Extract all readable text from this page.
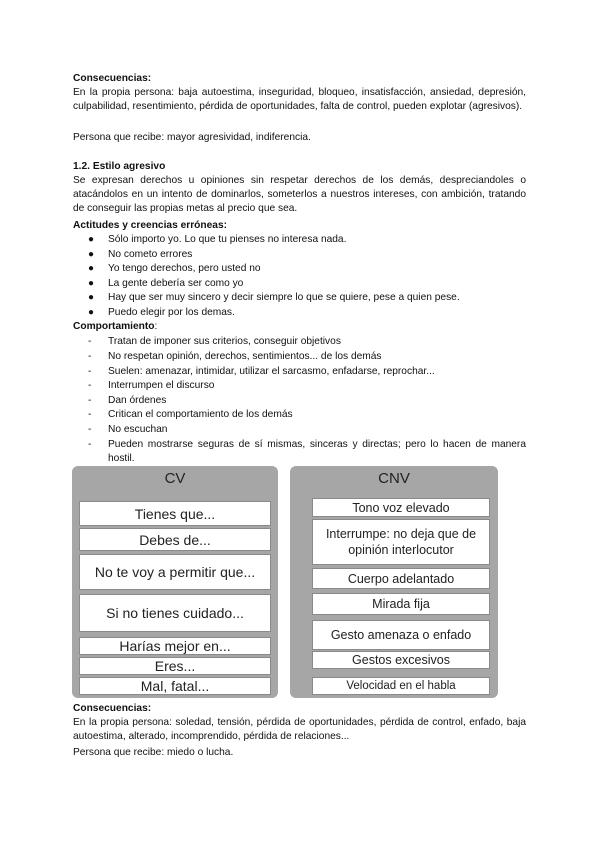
Consecuencias:
En la propia persona: baja autoestima, inseguridad, bloqueo, insatisfacción, ansiedad, depresión, culpabilidad, resentimiento, pérdida de oportunidades, falta de control, pueden explotar (agresivos).
Persona que recibe: mayor agresividad, indiferencia.
1.2. Estilo agresivo
Se expresan derechos u opiniones sin respetar derechos de los demás, despreciandoles o atacándolos en un intento de dominarlos, someterlos a nuestros intereses, con ambición, tratando de conseguir las propias metas al precio que sea.
Actitudes y creencias erróneas:
● Sólo importo yo. Lo que tu pienses no interesa nada.
● No cometo errores
● Yo tengo derechos, pero usted no
● La gente debería ser como yo
● Hay que ser muy sincero y decir siempre lo que se quiere, pese a quien pese.
● Puedo elegir por los demas.
Comportamiento:
- Tratan de imponer sus criterios, conseguir objetivos
- No respetan opinión, derechos, sentimientos... de los demás
- Suelen: amenazar, intimidar, utilizar el sarcasmo, enfadarse, reprochar...
- Interrumpen el discurso
- Dan órdenes
- Critican el comportamiento de los demás
- No escuchan
- Pueden mostrarse seguras de sí mismas, sinceras y directas; pero lo hacen de manera hostil.
CV
Tienes que...
Debes de...
No te voy a permitir que...
Si no tienes cuidado...
Harías mejor en...
Eres...
Mal, fatal...
CNV
Tono voz elevado
Interrumpe: no deja que de opinión interlocutor
Cuerpo adelantado
Mirada fija
Gesto amenaza o enfado
Gestos excesivos
Velocidad en el habla
Consecuencias:
En la propia persona: soledad, tensión, pérdida de oportunidades, pérdida de control, enfado, baja autoestima, alterado, incomprendido, pérdida de relaciones...
Persona que recibe: miedo o lucha.
